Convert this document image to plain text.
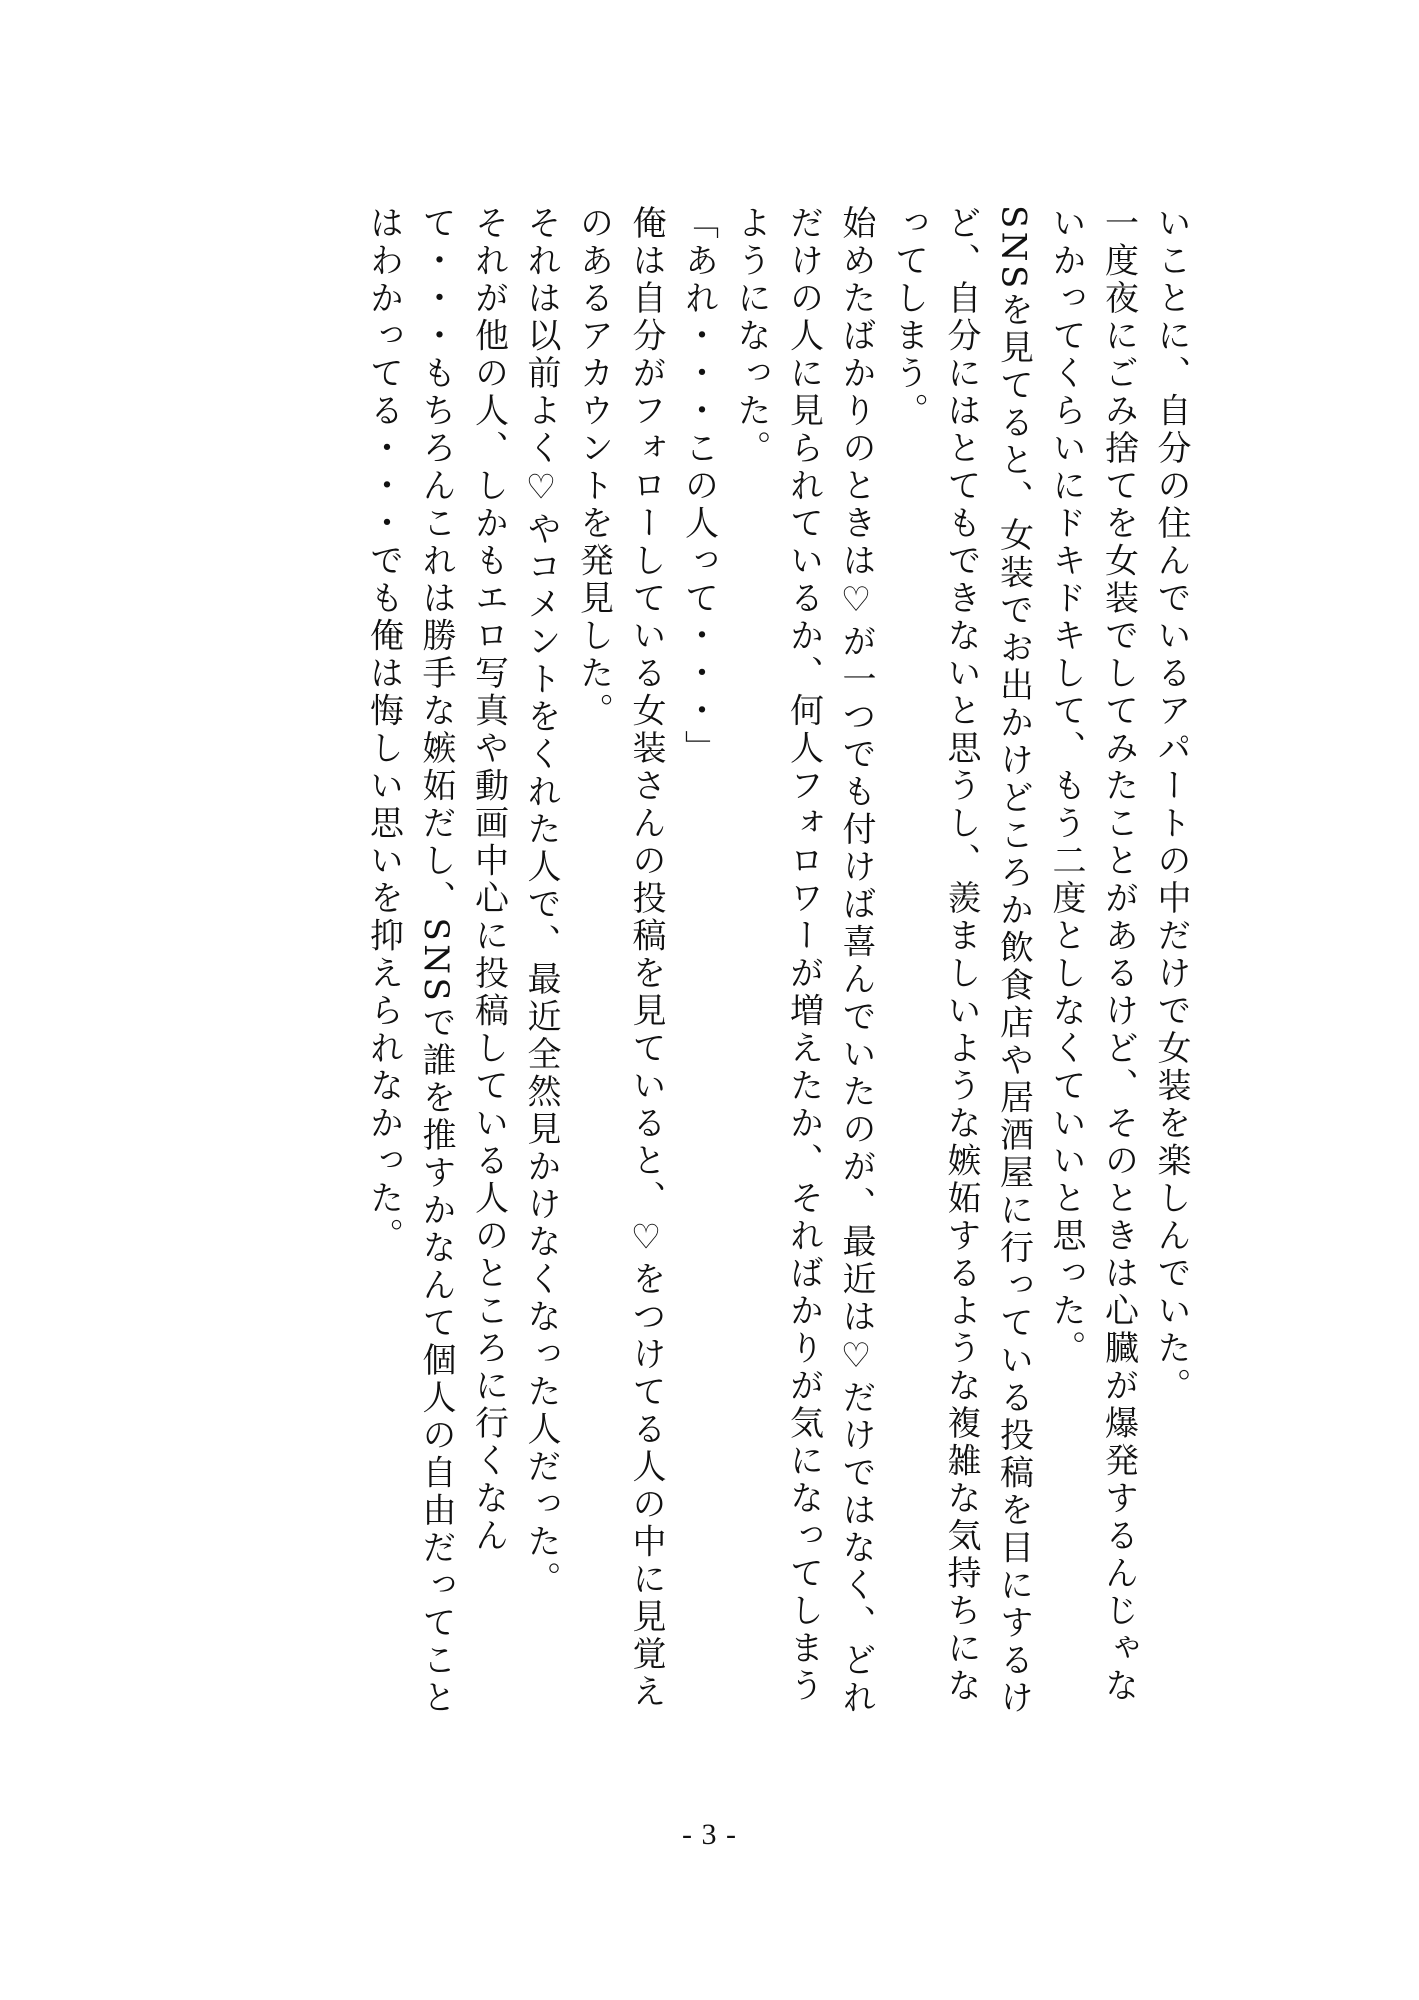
いことに、自分の住んでいるアパートの中だけで女装を楽しんでいた。
一度夜にごみ捨てを女装でしてみたことがあるけど、そのときは心臓が爆発するんじゃな
いかってくらいにドキドキして、もう二度としなくていいと思った。
SNSを見てると、女装でお出かけどころか飲食店や居酒屋に行っている投稿を目にするけ
ど、自分にはとてもできないと思うし、羨ましいような嫉妬するような複雑な気持ちにな
ってしまう。
始めたばかりのときは♡が一つでも付けば喜んでいたのが、最近は♡だけではなく、どれ
だけの人に見られているか、何人フォロワーが増えたか、そればかりが気になってしまう
ようになった。
「あれ・・・この人って・・・」
俺は自分がフォローしている女装さんの投稿を見ていると、♡をつけてる人の中に見覚え
のあるアカウントを発見した。
それは以前よく♡やコメントをくれた人で、最近全然見かけなくなった人だった。
それが他の人、しかもエロ写真や動画中心に投稿している人のところに行くなん
て・・・もちろんこれは勝手な嫉妬だし、SNSで誰を推すかなんて個人の自由だってこと
はわかってる・・・でも俺は悔しい思いを抑えられなかった。
- 3 -
